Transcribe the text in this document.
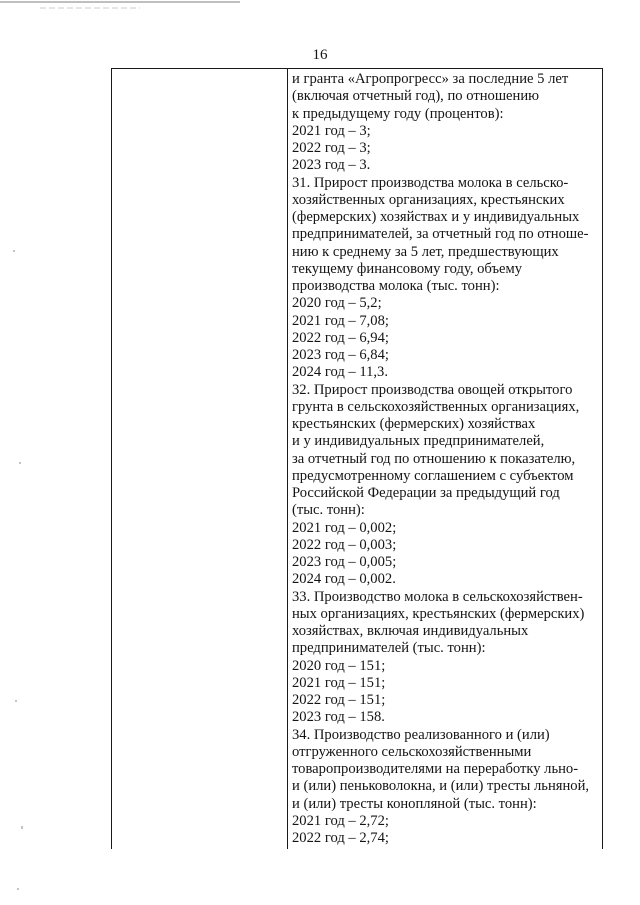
16
и гранта «Агропрогресс» за последние 5 лет
(включая отчетный год), по отношению
к предыдущему году (процентов):
2021 год – 3;
2022 год – 3;
2023 год – 3.
31. Прирост производства молока в сельско-
хозяйственных организациях, крестьянских
(фермерских) хозяйствах и у индивидуальных
предпринимателей, за отчетный год по отноше-
нию к среднему за 5 лет, предшествующих
текущему финансовому году, объему
производства молока (тыс. тонн):
2020 год – 5,2;
2021 год – 7,08;
2022 год – 6,94;
2023 год – 6,84;
2024 год – 11,3.
32. Прирост производства овощей открытого
грунта в сельскохозяйственных организациях,
крестьянских (фермерских) хозяйствах
и у индивидуальных предпринимателей,
за отчетный год по отношению к показателю,
предусмотренному соглашением с субъектом
Российской Федерации за предыдущий год
(тыс. тонн):
2021 год – 0,002;
2022 год – 0,003;
2023 год – 0,005;
2024 год – 0,002.
33. Производство молока в сельскохозяйствен-
ных организациях, крестьянских (фермерских)
хозяйствах, включая индивидуальных
предпринимателей (тыс. тонн):
2020 год – 151;
2021 год – 151;
2022 год – 151;
2023 год – 158.
34. Производство реализованного и (или)
отгруженного сельскохозяйственными
товаропроизводителями на переработку льно-
и (или) пеньковолокна, и (или) тресты льняной,
и (или) тресты конопляной (тыс. тонн):
2021 год – 2,72;
2022 год – 2,74;
